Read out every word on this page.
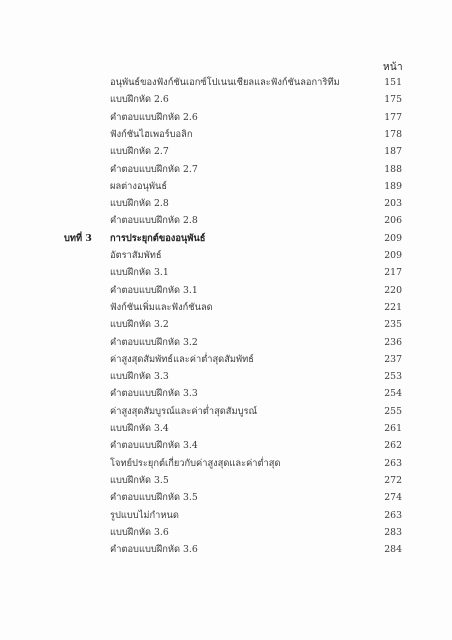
หน้า
อนุพันธ์ของฟังก์ชันเอกซ์โปเนนเชียลและฟังก์ชันลอการิทึม	151
แบบฝึกหัด 2.6	175
คำตอบแบบฝึกหัด 2.6	177
ฟังก์ชันไฮเพอร์บอลิก	178
แบบฝึกหัด 2.7	187
คำตอบแบบฝึกหัด 2.7	188
ผลต่างอนุพันธ์	189
แบบฝึกหัด 2.8	203
คำตอบแบบฝึกหัด 2.8	206
บทที่ 3 การประยุกต์ของอนุพันธ์	209
อัตราสัมพัทธ์	209
แบบฝึกหัด 3.1	217
คำตอบแบบฝึกหัด 3.1	220
ฟังก์ชันเพิ่มและฟังก์ชันลด	221
แบบฝึกหัด 3.2	235
คำตอบแบบฝึกหัด 3.2	236
ค่าสูงสุดสัมพัทธ์และค่าต่ำสุดสัมพัทธ์	237
แบบฝึกหัด 3.3	253
คำตอบแบบฝึกหัด 3.3	254
ค่าสูงสุดสัมบูรณ์และค่าต่ำสุดสัมบูรณ์	255
แบบฝึกหัด 3.4	261
คำตอบแบบฝึกหัด 3.4	262
โจทย์ประยุกต์เกี่ยวกับค่าสูงสุดและค่าต่ำสุด	263
แบบฝึกหัด 3.5	272
คำตอบแบบฝึกหัด 3.5	274
รูปแบบไม่กำหนด	263
แบบฝึกหัด 3.6	283
คำตอบแบบฝึกหัด 3.6	284
